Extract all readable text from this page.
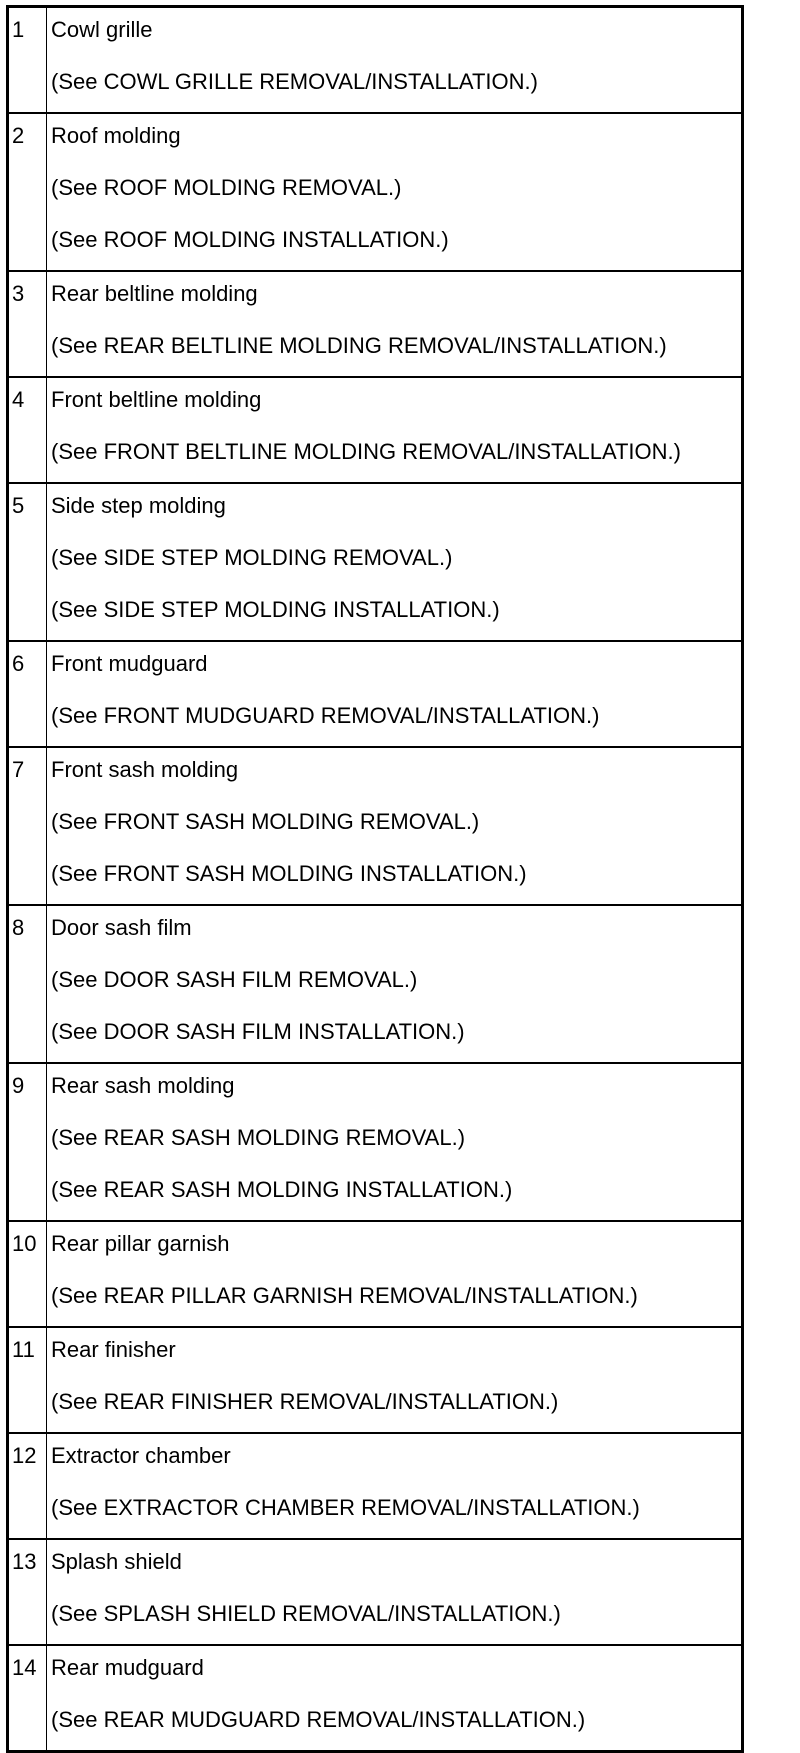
1	Cowl grille
(See COWL GRILLE REMOVAL/INSTALLATION.)

2	Roof molding
(See ROOF MOLDING REMOVAL.)
(See ROOF MOLDING INSTALLATION.)

3	Rear beltline molding
(See REAR BELTLINE MOLDING REMOVAL/INSTALLATION.)

4	Front beltline molding
(See FRONT BELTLINE MOLDING REMOVAL/INSTALLATION.)

5	Side step molding
(See SIDE STEP MOLDING REMOVAL.)
(See SIDE STEP MOLDING INSTALLATION.)

6	Front mudguard
(See FRONT MUDGUARD REMOVAL/INSTALLATION.)

7	Front sash molding
(See FRONT SASH MOLDING REMOVAL.)
(See FRONT SASH MOLDING INSTALLATION.)

8	Door sash film
(See DOOR SASH FILM REMOVAL.)
(See DOOR SASH FILM INSTALLATION.)

9	Rear sash molding
(See REAR SASH MOLDING REMOVAL.)
(See REAR SASH MOLDING INSTALLATION.)

10	Rear pillar garnish
(See REAR PILLAR GARNISH REMOVAL/INSTALLATION.)

11	Rear finisher
(See REAR FINISHER REMOVAL/INSTALLATION.)

12	Extractor chamber
(See EXTRACTOR CHAMBER REMOVAL/INSTALLATION.)

13	Splash shield
(See SPLASH SHIELD REMOVAL/INSTALLATION.)

14	Rear mudguard
(See REAR MUDGUARD REMOVAL/INSTALLATION.)
